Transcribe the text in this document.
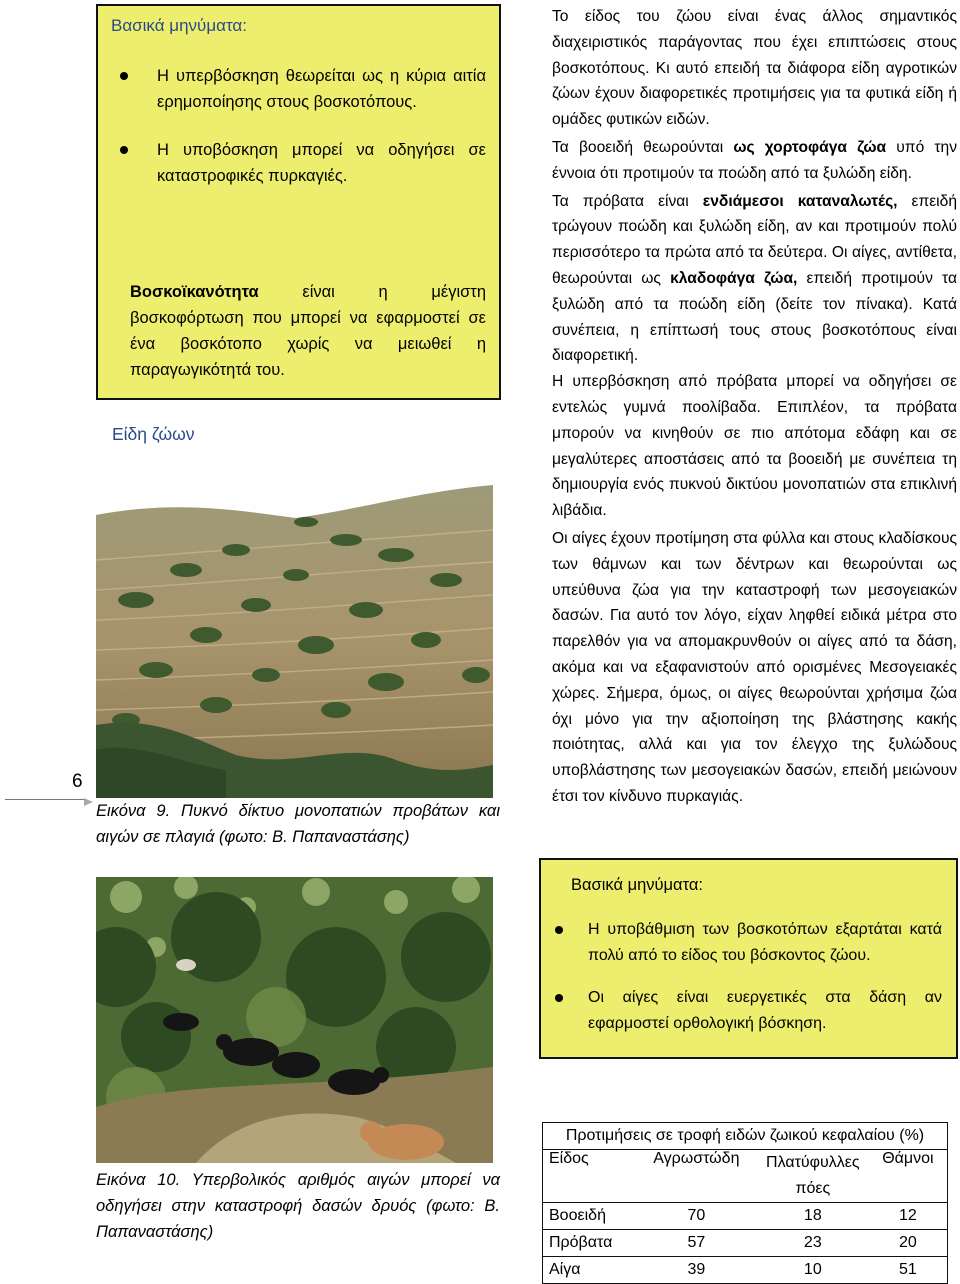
Βασικά μηνύματα:
Η υπερβόσκηση θεωρείται ως η κύρια αιτία ερημοποίησης στους βοσκοτόπους.
Η υποβόσκηση μπορεί να οδηγήσει σε καταστροφικές πυρκαγιές.
Βοσκοϊκανότητα είναι η μέγιστη βοσκοφόρτωση που μπορεί να εφαρμοστεί σε ένα βοσκότοπο χωρίς να μειωθεί η παραγωγικότητά του.
Είδη ζώων
6
Εικόνα 9. Πυκνό δίκτυο μονοπατιών προβάτων και αιγών σε πλαγιά (φωτο: Β. Παπαναστάσης)
Εικόνα 10. Υπερβολικός αριθμός αιγών μπορεί να οδηγήσει στην καταστροφή δασών δρυός (φωτο: Β. Παπαναστάσης)

Το είδος του ζώου είναι ένας άλλος σημαντικός διαχειριστικός παράγοντας που έχει επιπτώσεις στους βοσκοτόπους. Κι αυτό επειδή τα διάφορα είδη αγροτικών ζώων έχουν διαφορετικές προτιμήσεις για τα φυτικά είδη ή ομάδες φυτικών ειδών.

Τα βοοειδή θεωρούνται ως χορτοφάγα ζώα υπό την έννοια ότι προτιμούν τα ποώδη από τα ξυλώδη είδη.

Τα πρόβατα είναι ενδιάμεσοι καταναλωτές, επειδή τρώγουν ποώδη και ξυλώδη είδη, αν και προτιμούν πολύ περισσότερο τα πρώτα από τα δεύτερα. Οι αίγες, αντίθετα, θεωρούνται ως κλαδοφάγα ζώα, επειδή προτιμούν τα ξυλώδη από τα ποώδη είδη (δείτε τον πίνακα). Κατά συνέπεια, η επίπτωσή τους στους βοσκοτόπους είναι διαφορετική.

Η υπερβόσκηση από πρόβατα μπορεί να οδηγήσει σε εντελώς γυμνά ποολίβαδα. Επιπλέον, τα πρόβατα μπορούν να κινηθούν σε πιο απότομα εδάφη και σε μεγαλύτερες αποστάσεις από τα βοοειδή με συνέπεια τη δημιουργία ενός πυκνού δικτύου μονοπατιών στα επικλινή λιβάδια.

Οι αίγες έχουν προτίμηση στα φύλλα και στους κλαδίσκους των θάμνων και των δέντρων και θεωρούνται ως υπεύθυνα ζώα για την καταστροφή των μεσογειακών δασών. Για αυτό τον λόγο, είχαν ληφθεί ειδικά μέτρα στο παρελθόν για να απομακρυνθούν οι αίγες από τα δάση, ακόμα και να εξαφανιστούν από ορισμένες Μεσογειακές χώρες. Σήμερα, όμως, οι αίγες θεωρούνται χρήσιμα ζώα όχι μόνο για την αξιοποίηση της βλάστησης κακής ποιότητας, αλλά και για τον έλεγχο της ξυλώδους υποβλάστησης των μεσογειακών δασών, επειδή μειώνουν έτσι τον κίνδυνο πυρκαγιάς.

Βασικά μηνύματα:
Η υποβάθμιση των βοσκοτόπων εξαρτάται κατά πολύ από το είδος του βόσκοντος ζώου.
Οι αίγες είναι ευεργετικές στα δάση αν εφαρμοστεί ορθολογική βόσκηση.
Προτιμήσεις σε τροφή ειδών ζωικού κεφαλαίου (%)			
Είδος	Αγρωστώδη	Πλατύφυλλες πόες	Θάμνοι
Βοοειδή	70	18	12
Πρόβατα	57	23	20
Αίγα	39	10	51
